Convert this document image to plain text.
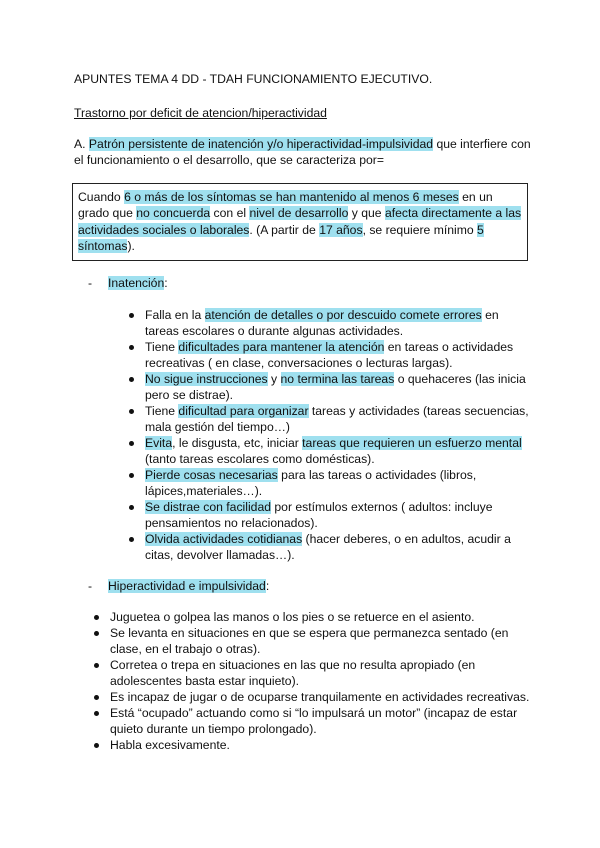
APUNTES TEMA 4 DD - TDAH FUNCIONAMIENTO EJECUTIVO.
Trastorno por deficit de atencion/hiperactividad
A. Patrón persistente de inatención y/o hiperactividad-impulsividad que interfiere con el funcionamiento o el desarrollo, que se caracteriza por=
Cuando 6 o más de los síntomas se han mantenido al menos 6 meses en un grado que no concuerda con el nivel de desarrollo y que afecta directamente a las actividades sociales o laborales. (A partir de 17 años, se requiere mínimo 5 síntomas).
- Inatención:
Falla en la atención de detalles o por descuido comete errores en tareas escolares o durante algunas actividades.
Tiene dificultades para mantener la atención en tareas o actividades recreativas ( en clase, conversaciones o lecturas largas).
No sigue instrucciones y no termina las tareas o quehaceres (las inicia pero se distrae).
Tiene dificultad para organizar tareas y actividades (tareas secuencias, mala gestión del tiempo…)
Evita, le disgusta, etc, iniciar tareas que requieren un esfuerzo mental (tanto tareas escolares como domésticas).
Pierde cosas necesarias para las tareas o actividades (libros, lápices,materiales…).
Se distrae con facilidad por estímulos externos ( adultos: incluye pensamientos no relacionados).
Olvida actividades cotidianas (hacer deberes, o en adultos, acudir a citas, devolver llamadas…).
- Hiperactividad e impulsividad:
Juguetea o golpea las manos o los pies o se retuerce en el asiento.
Se levanta en situaciones en que se espera que permanezca sentado (en clase, en el trabajo o otras).
Corretea o trepa en situaciones en las que no resulta apropiado (en adolescentes basta estar inquieto).
Es incapaz de jugar o de ocuparse tranquilamente en actividades recreativas.
Está “ocupado” actuando como si “lo impulsará un motor” (incapaz de estar quieto durante un tiempo prolongado).
Habla excesivamente.
